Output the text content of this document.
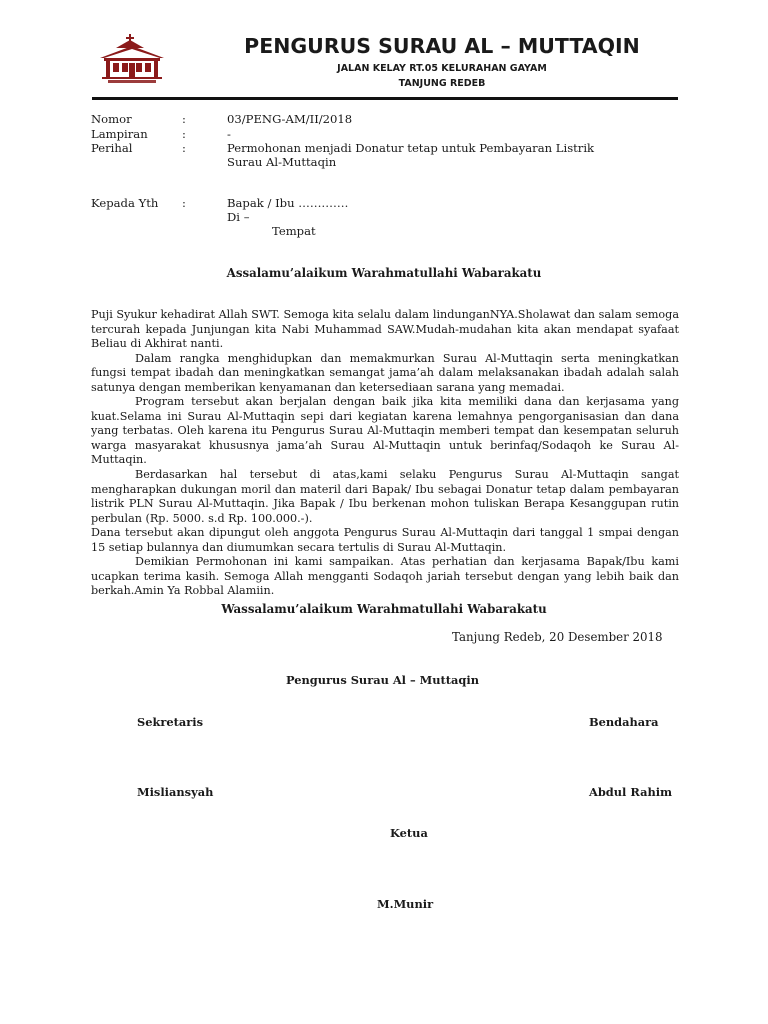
PENGURUS SURAU AL – MUTTAQIN
JALAN KELAY RT.05 KELURAHAN GAYAM
TANJUNG REDEB
Nomor	:	03/PENG-AM/II/2018
Lampiran	:	-
Perihal	:	Permohonan menjadi Donatur tetap untuk Pembayaran Listrik
Surau Al-Muttaqin
Kepada Yth :	Bapak / Ibu ………….
Di –
Tempat
Assalamu’alaikum Warahmatullahi Wabarakatu

Puji Syukur kehadirat Allah SWT. Semoga kita selalu dalam lindunganNYA.Sholawat dan salam semoga tercurah kepada Junjungan kita Nabi Muhammad SAW.Mudah-mudahan kita akan mendapat syafaat Beliau di Akhirat nanti.

Dalam rangka menghidupkan dan memakmurkan Surau Al-Muttaqin serta meningkatkan fungsi tempat ibadah dan meningkatkan semangat jama’ah dalam melaksanakan ibadah adalah salah satunya dengan memberikan kenyamanan dan ketersediaan sarana yang memadai.

Program tersebut akan berjalan dengan baik jika kita memiliki dana dan kerjasama yang kuat.Selama ini Surau Al-Muttaqin sepi dari kegiatan karena lemahnya pengorganisasian dan dana yang terbatas. Oleh karena itu Pengurus Surau Al-Muttaqin memberi tempat dan kesempatan seluruh warga masyarakat khususnya jama’ah Surau Al-Muttaqin untuk berinfaq/Sodaqoh ke Surau Al-Muttaqin.

Berdasarkan hal tersebut di atas,kami selaku Pengurus Surau Al-Muttaqin sangat mengharapkan dukungan moril dan materil dari Bapak/ Ibu sebagai Donatur tetap dalam pembayaran listrik PLN Surau Al-Muttaqin. Jika Bapak / Ibu berkenan mohon tuliskan Berapa Kesanggupan rutin perbulan (Rp. 5000. s.d Rp. 100.000.-).

Dana tersebut akan dipungut oleh anggota Pengurus Surau Al-Muttaqin dari tanggal 1 smpai dengan 15 setiap bulannya dan diumumkan secara tertulis di Surau Al-Muttaqin.

Demikian Permohonan ini kami sampaikan. Atas perhatian dan kerjasama Bapak/Ibu kami ucapkan terima kasih. Semoga Allah mengganti Sodaqoh jariah tersebut dengan yang lebih baik dan berkah.Amin Ya Robbal Alamiin.

Wassalamu’alaikum Warahmatullahi Wabarakatu
Tanjung Redeb, 20 Desember 2018
Pengurus Surau Al – Muttaqin
Sekretaris	Bendahara
Misliansyah	Abdul Rahim
Ketua
M.Munir
